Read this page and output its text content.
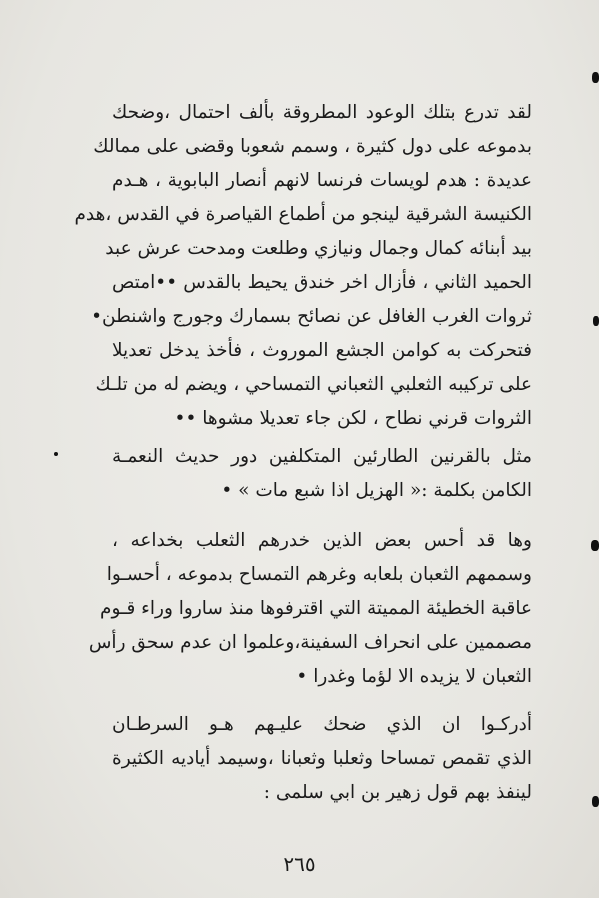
لقد تدرع بتلك الوعود المطروقة بألف احتمال ،وضحك
بدموعه على دول كثيرة ، وسمم شعوبا وقضى على ممالك
عديدة : هدم لويسات فرنسا لانهم أنصار البابوية ، هـدم
الكنيسة الشرقية لينجو من أطماع القياصرة في القدس ،هدم
بيد أبنائه كمال وجمال ونيازي وطلعت ومدحت عرش عبد
الحميد الثاني ، فأزال اخر خندق يحيط بالقدس ••امتص
ثروات الغرب الغافل عن نصائح بسمارك وجورج واشنطن•
فتحركت به كوامن الجشع الموروث ، فأخذ يدخل تعديلا
على تركيبه الثعلبي الثعباني التمساحي ، ويضم له من تلـك
الثروات قرني نطاح ، لكن جاء تعديلا مشوها ••
مثل بالقرنين الطارئين المتكلفين دور حديث النعمـة
الكامن بكلمة :« الهزيل اذا شبع مات » •
وها قد أحس بعض الذين خدرهم الثعلب بخداعه ،
وسممهم الثعبان بلعابه وغرهم التمساح بدموعه ، أحسـوا
عاقبة الخطيئة المميتة التي اقترفوها منذ ساروا وراء قـوم
مصممين على انحراف السفينة،وعلموا ان عدم سحق رأس
الثعبان لا يزيده الا لؤما وغدرا •
أدركـوا ان الذي ضحك عليـهم هـو السرطـان
الذي تقمص تمساحا وثعلبا وثعبانا ،وسيمد أياديه الكثيرة
لينفذ بهم قول زهير بن ابي سلمى :
٢٦٥
